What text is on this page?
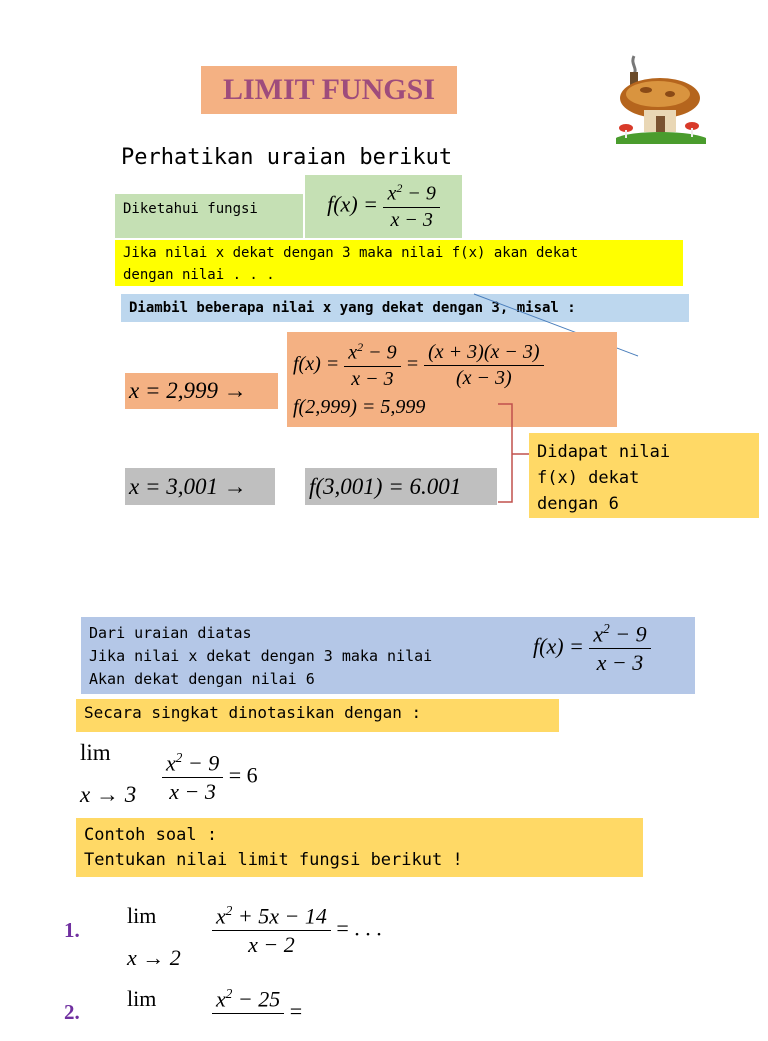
LIMIT FUNGSI
Perhatikan uraian berikut
Diketahui fungsi	$f(x) = \frac{x^2 - 9}{x - 3}$
Jika nilai x dekat dengan 3 maka nilai f(x) akan dekat
dengan nilai . . .
Diambil beberapa nilai x yang dekat dengan 3, misal :
x = 2,999 →
$f(x) = \frac{x^2 - 9}{x - 3} = \frac{(x + 3)(x - 3)}{(x - 3)}$
f(2,999) = 5,999
x = 3,001 →	f(3,001) = 6.001
Didapat nilai
f(x) dekat
dengan 6
Dari uraian diatas
Jika nilai x dekat dengan 3 maka nilai
Akan dekat dengan nilai 6
$f(x) = \frac{x^2 - 9}{x - 3}$
Secara singkat dinotasikan dengan :
lim
$x \to 3 \frac{x^2 - 9}{x - 3} = 6$
Contoh soal :
Tentukan nilai limit fungsi berikut !
1.
lim
$x \to 2 \frac{x^2 + 5x - 14}{x - 2}$ = . . .
2.
lim	$x^2 - 25$
=
